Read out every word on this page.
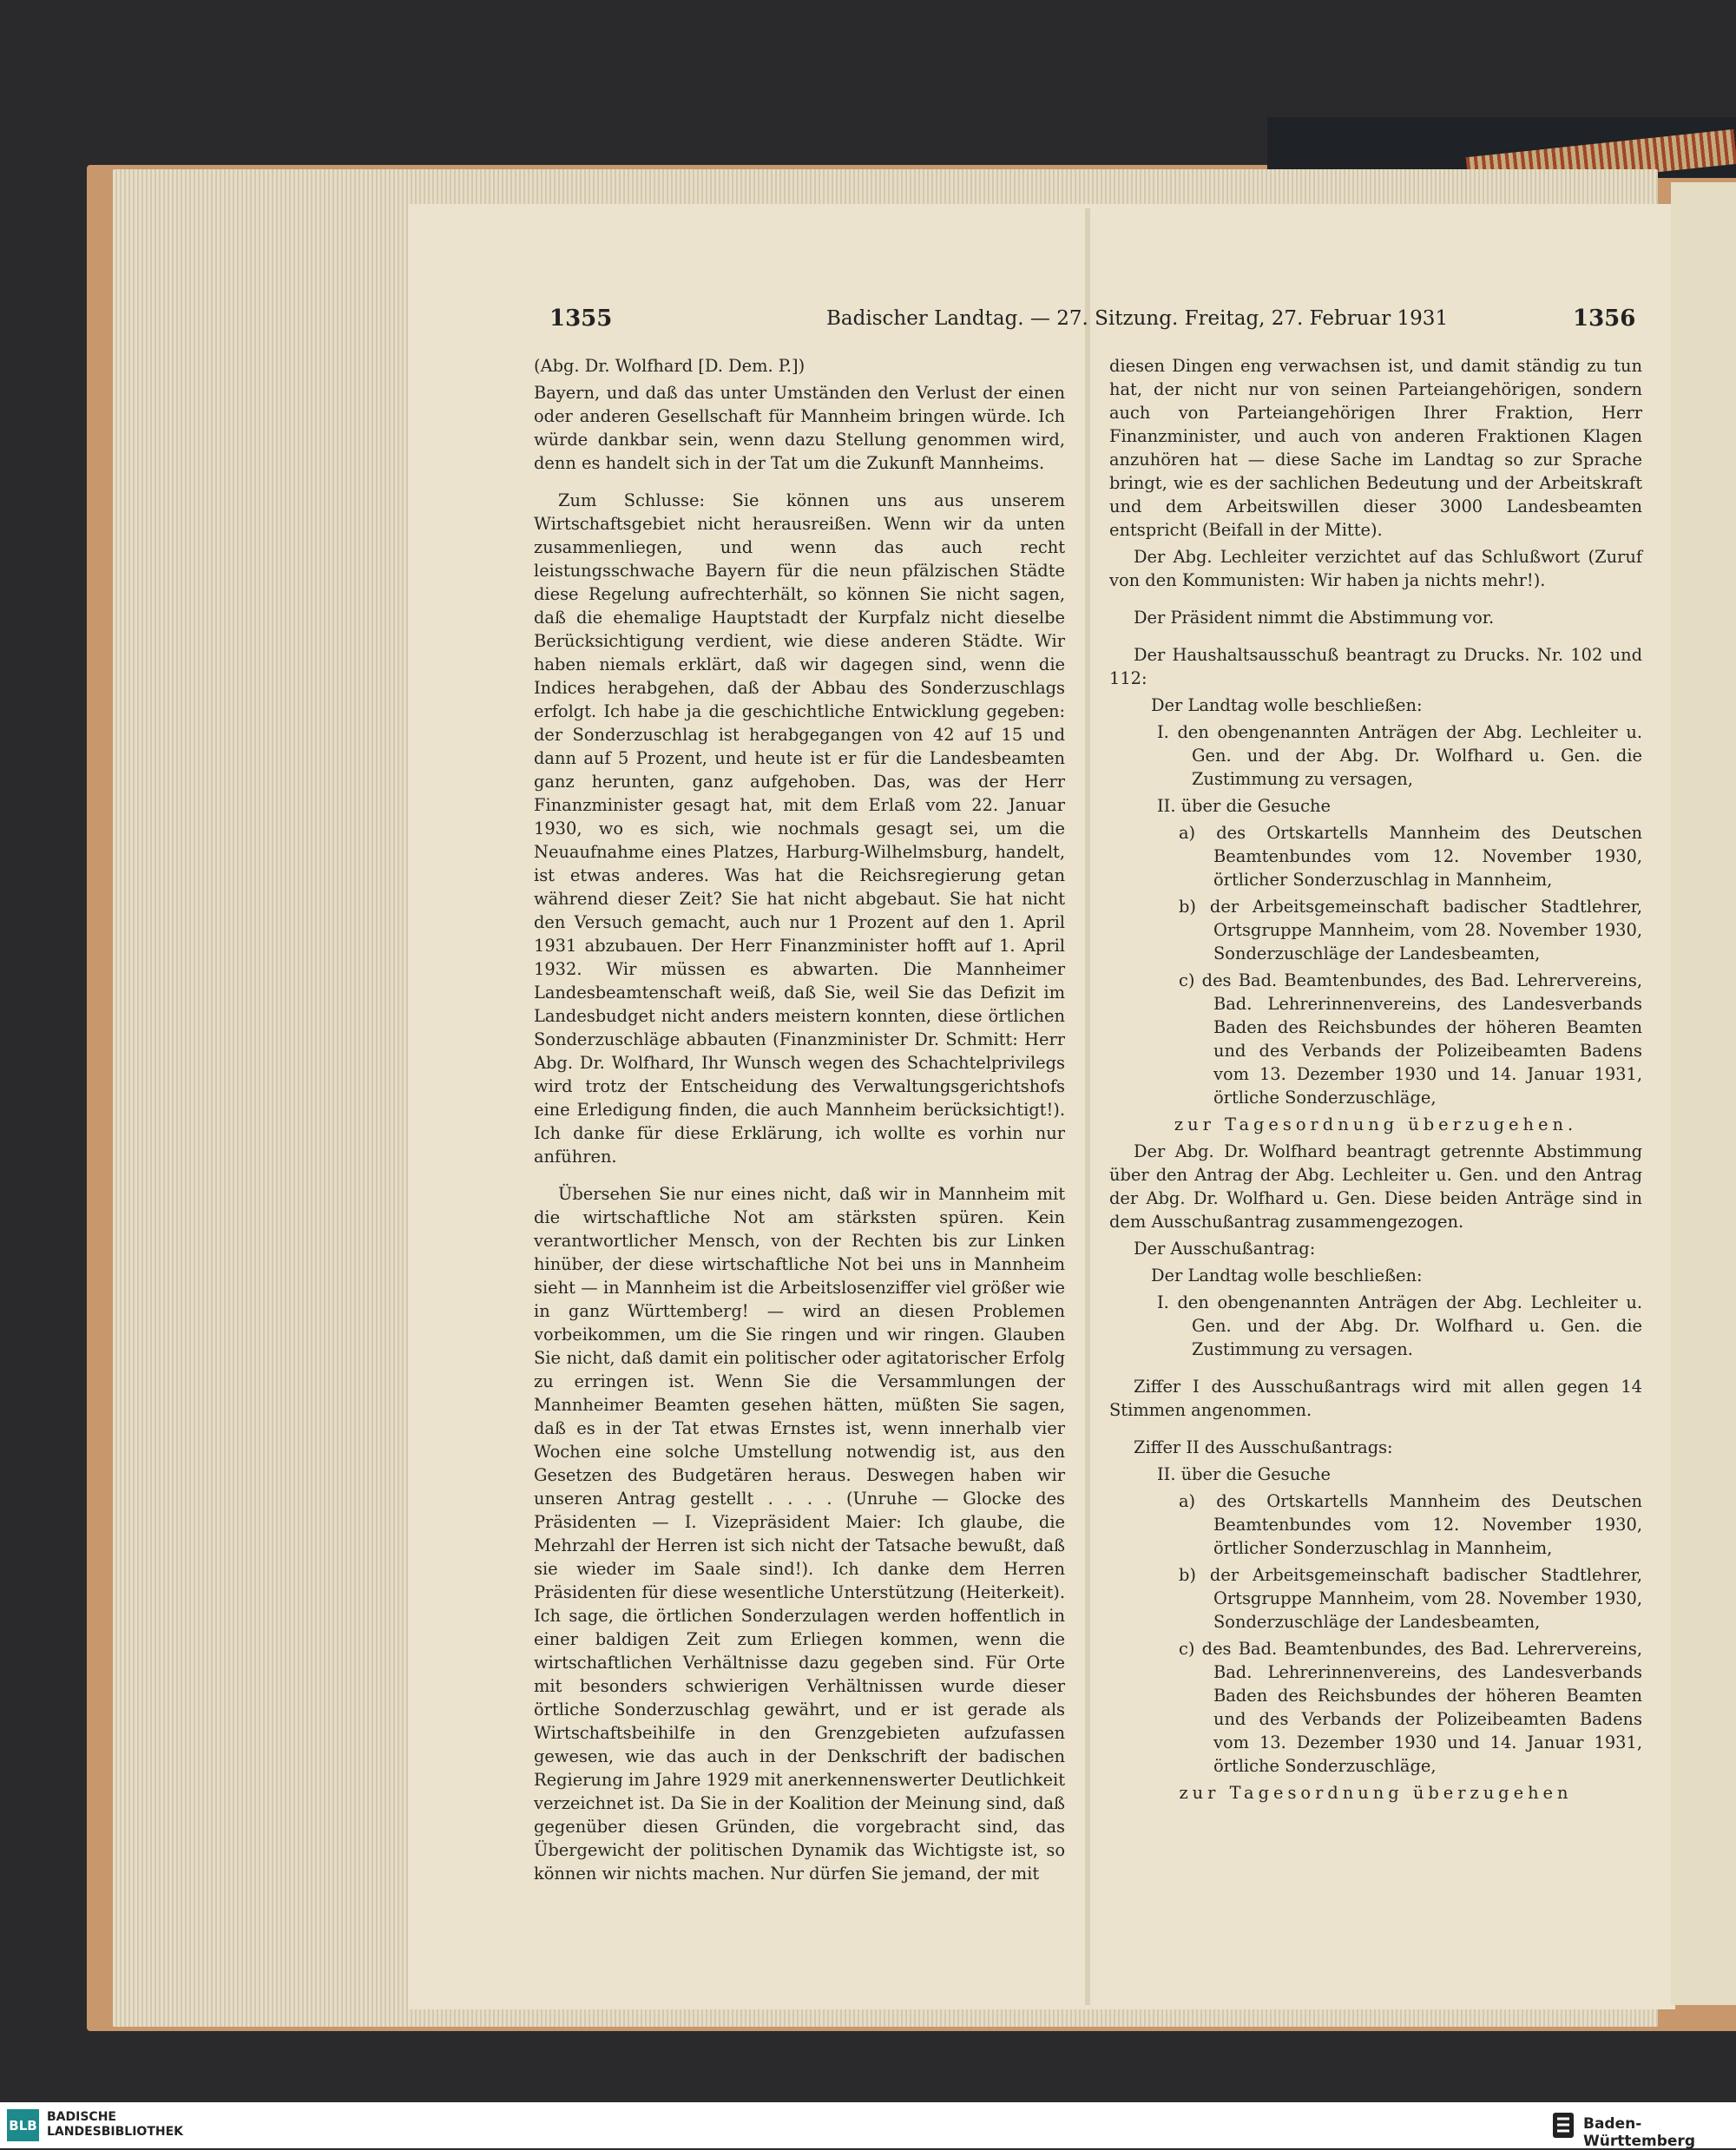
1355	Badischer Landtag. — 27. Sitzung. Freitag, 27. Februar 1931	1356

(Abg. Dr. Wolfhard [D. Dem. P.])

Bayern, und daß das unter Umständen den Verlust der einen oder anderen Gesellschaft für Mannheim bringen würde. Ich würde dankbar sein, wenn dazu Stellung genommen wird, denn es handelt sich in der Tat um die Zukunft Mannheims.

Zum Schlusse: Sie können uns aus unserem Wirtschaftsgebiet nicht herausreißen. Wenn wir da unten zusammenliegen, und wenn das auch recht leistungsschwache Bayern für die neun pfälzischen Städte diese Regelung aufrechterhält, so können Sie nicht sagen, daß die ehemalige Hauptstadt der Kurpfalz nicht dieselbe Berücksichtigung verdient, wie diese anderen Städte. Wir haben niemals erklärt, daß wir dagegen sind, wenn die Indices herabgehen, daß der Abbau des Sonderzuschlags erfolgt. Ich habe ja die geschichtliche Entwicklung gegeben: der Sonderzuschlag ist herabgegangen von 42 auf 15 und dann auf 5 Prozent, und heute ist er für die Landesbeamten ganz herunten, ganz aufgehoben. Das, was der Herr Finanzminister gesagt hat, mit dem Erlaß vom 22. Januar 1930, wo es sich, wie nochmals gesagt sei, um die Neuaufnahme eines Platzes, Harburg-Wilhelmsburg, handelt, ist etwas anderes. Was hat die Reichsregierung getan während dieser Zeit? Sie hat nicht abgebaut. Sie hat nicht den Versuch gemacht, auch nur 1 Prozent auf den 1. April 1931 abzubauen. Der Herr Finanzminister hofft auf 1. April 1932. Wir müssen es abwarten. Die Mannheimer Landesbeamtenschaft weiß, daß Sie, weil Sie das Defizit im Landesbudget nicht anders meistern konnten, diese örtlichen Sonderzuschläge abbauten (Finanzminister Dr. Schmitt: Herr Abg. Dr. Wolfhard, Ihr Wunsch wegen des Schachtelprivilegs wird trotz der Entscheidung des Verwaltungsgerichtshofs eine Erledigung finden, die auch Mannheim berücksichtigt!). Ich danke für diese Erklärung, ich wollte es vorhin nur anführen.

Übersehen Sie nur eines nicht, daß wir in Mannheim mit die wirtschaftliche Not am stärksten spüren. Kein verantwortlicher Mensch, von der Rechten bis zur Linken hinüber, der diese wirtschaftliche Not bei uns in Mannheim sieht — in Mannheim ist die Arbeitslosenziffer viel größer wie in ganz Württemberg! — wird an diesen Problemen vorbeikommen, um die Sie ringen und wir ringen. Glauben Sie nicht, daß damit ein politischer oder agitatorischer Erfolg zu erringen ist. Wenn Sie die Versammlungen der Mannheimer Beamten gesehen hätten, müßten Sie sagen, daß es in der Tat etwas Ernstes ist, wenn innerhalb vier Wochen eine solche Umstellung notwendig ist, aus den Gesetzen des Budgetären heraus. Deswegen haben wir unseren Antrag gestellt . . . . (Unruhe — Glocke des Präsidenten — I. Vizepräsident Maier: Ich glaube, die Mehrzahl der Herren ist sich nicht der Tatsache bewußt, daß sie wieder im Saale sind!). Ich danke dem Herren Präsidenten für diese wesentliche Unterstützung (Heiterkeit). Ich sage, die örtlichen Sonderzulagen werden hoffentlich in einer baldigen Zeit zum Erliegen kommen, wenn die wirtschaftlichen Verhältnisse dazu gegeben sind. Für Orte mit besonders schwierigen Verhältnissen wurde dieser örtliche Sonderzuschlag gewährt, und er ist gerade als Wirtschaftsbeihilfe in den Grenzgebieten aufzufassen gewesen, wie das auch in der Denkschrift der badischen Regierung im Jahre 1929 mit anerkennenswerter Deutlichkeit verzeichnet ist. Da Sie in der Koalition der Meinung sind, daß gegenüber diesen Gründen, die vorgebracht sind, das Übergewicht der politischen Dynamik das Wichtigste ist, so können wir nichts machen. Nur dürfen Sie jemand, der mit

diesen Dingen eng verwachsen ist, und damit ständig zu tun hat, der nicht nur von seinen Parteiangehörigen, sondern auch von Parteiangehörigen Ihrer Fraktion, Herr Finanzminister, und auch von anderen Fraktionen Klagen anzuhören hat — diese Sache im Landtag so zur Sprache bringt, wie es der sachlichen Bedeutung und der Arbeitskraft und dem Arbeitswillen dieser 3000 Landesbeamten entspricht (Beifall in der Mitte).

Der Abg. Lechleiter verzichtet auf das Schlußwort (Zuruf von den Kommunisten: Wir haben ja nichts mehr!).

Der Präsident nimmt die Abstimmung vor.

Der Haushaltsausschuß beantragt zu Drucks. Nr. 102 und 112:

Der Landtag wolle beschließen:

I. den obengenannten Anträgen der Abg. Lechleiter u. Gen. und der Abg. Dr. Wolfhard u. Gen. die Zustimmung zu versagen,

II. über die Gesuche

a) des Ortskartells Mannheim des Deutschen Beamtenbundes vom 12. November 1930, örtlicher Sonderzuschlag in Mannheim,

b) der Arbeitsgemeinschaft badischer Stadtlehrer, Ortsgruppe Mannheim, vom 28. November 1930, Sonderzuschläge der Landesbeamten,

c) des Bad. Beamtenbundes, des Bad. Lehrervereins, Bad. Lehrerinnenvereins, des Landesverbands Baden des Reichsbundes der höheren Beamten und des Verbands der Polizeibeamten Badens vom 13. Dezember 1930 und 14. Januar 1931, örtliche Sonderzuschläge,

zur Tagesordnung überzugehen.

Der Abg. Dr. Wolfhard beantragt getrennte Abstimmung über den Antrag der Abg. Lechleiter u. Gen. und den Antrag der Abg. Dr. Wolfhard u. Gen. Diese beiden Anträge sind in dem Ausschußantrag zusammengezogen.

Der Ausschußantrag:

Der Landtag wolle beschließen:

I. den obengenannten Anträgen der Abg. Lechleiter u. Gen. und der Abg. Dr. Wolfhard u. Gen. die Zustimmung zu versagen.

Ziffer I des Ausschußantrags wird mit allen gegen 14 Stimmen angenommen.

Ziffer II des Ausschußantrags:

II. über die Gesuche

a) des Ortskartells Mannheim des Deutschen Beamtenbundes vom 12. November 1930, örtlicher Sonderzuschlag in Mannheim,

b) der Arbeitsgemeinschaft badischer Stadtlehrer, Ortsgruppe Mannheim, vom 28. November 1930, Sonderzuschläge der Landesbeamten,

c) des Bad. Beamtenbundes, des Bad. Lehrervereins, Bad. Lehrerinnenvereins, des Landesverbands Baden des Reichsbundes der höheren Beamten und des Verbands der Polizeibeamten Badens vom 13. Dezember 1930 und 14. Januar 1931, örtliche Sonderzuschläge,

zur Tagesordnung überzugehen

BLB
BADISCHE
LANDESBIBLIOTHEK	Baden-Württemberg
